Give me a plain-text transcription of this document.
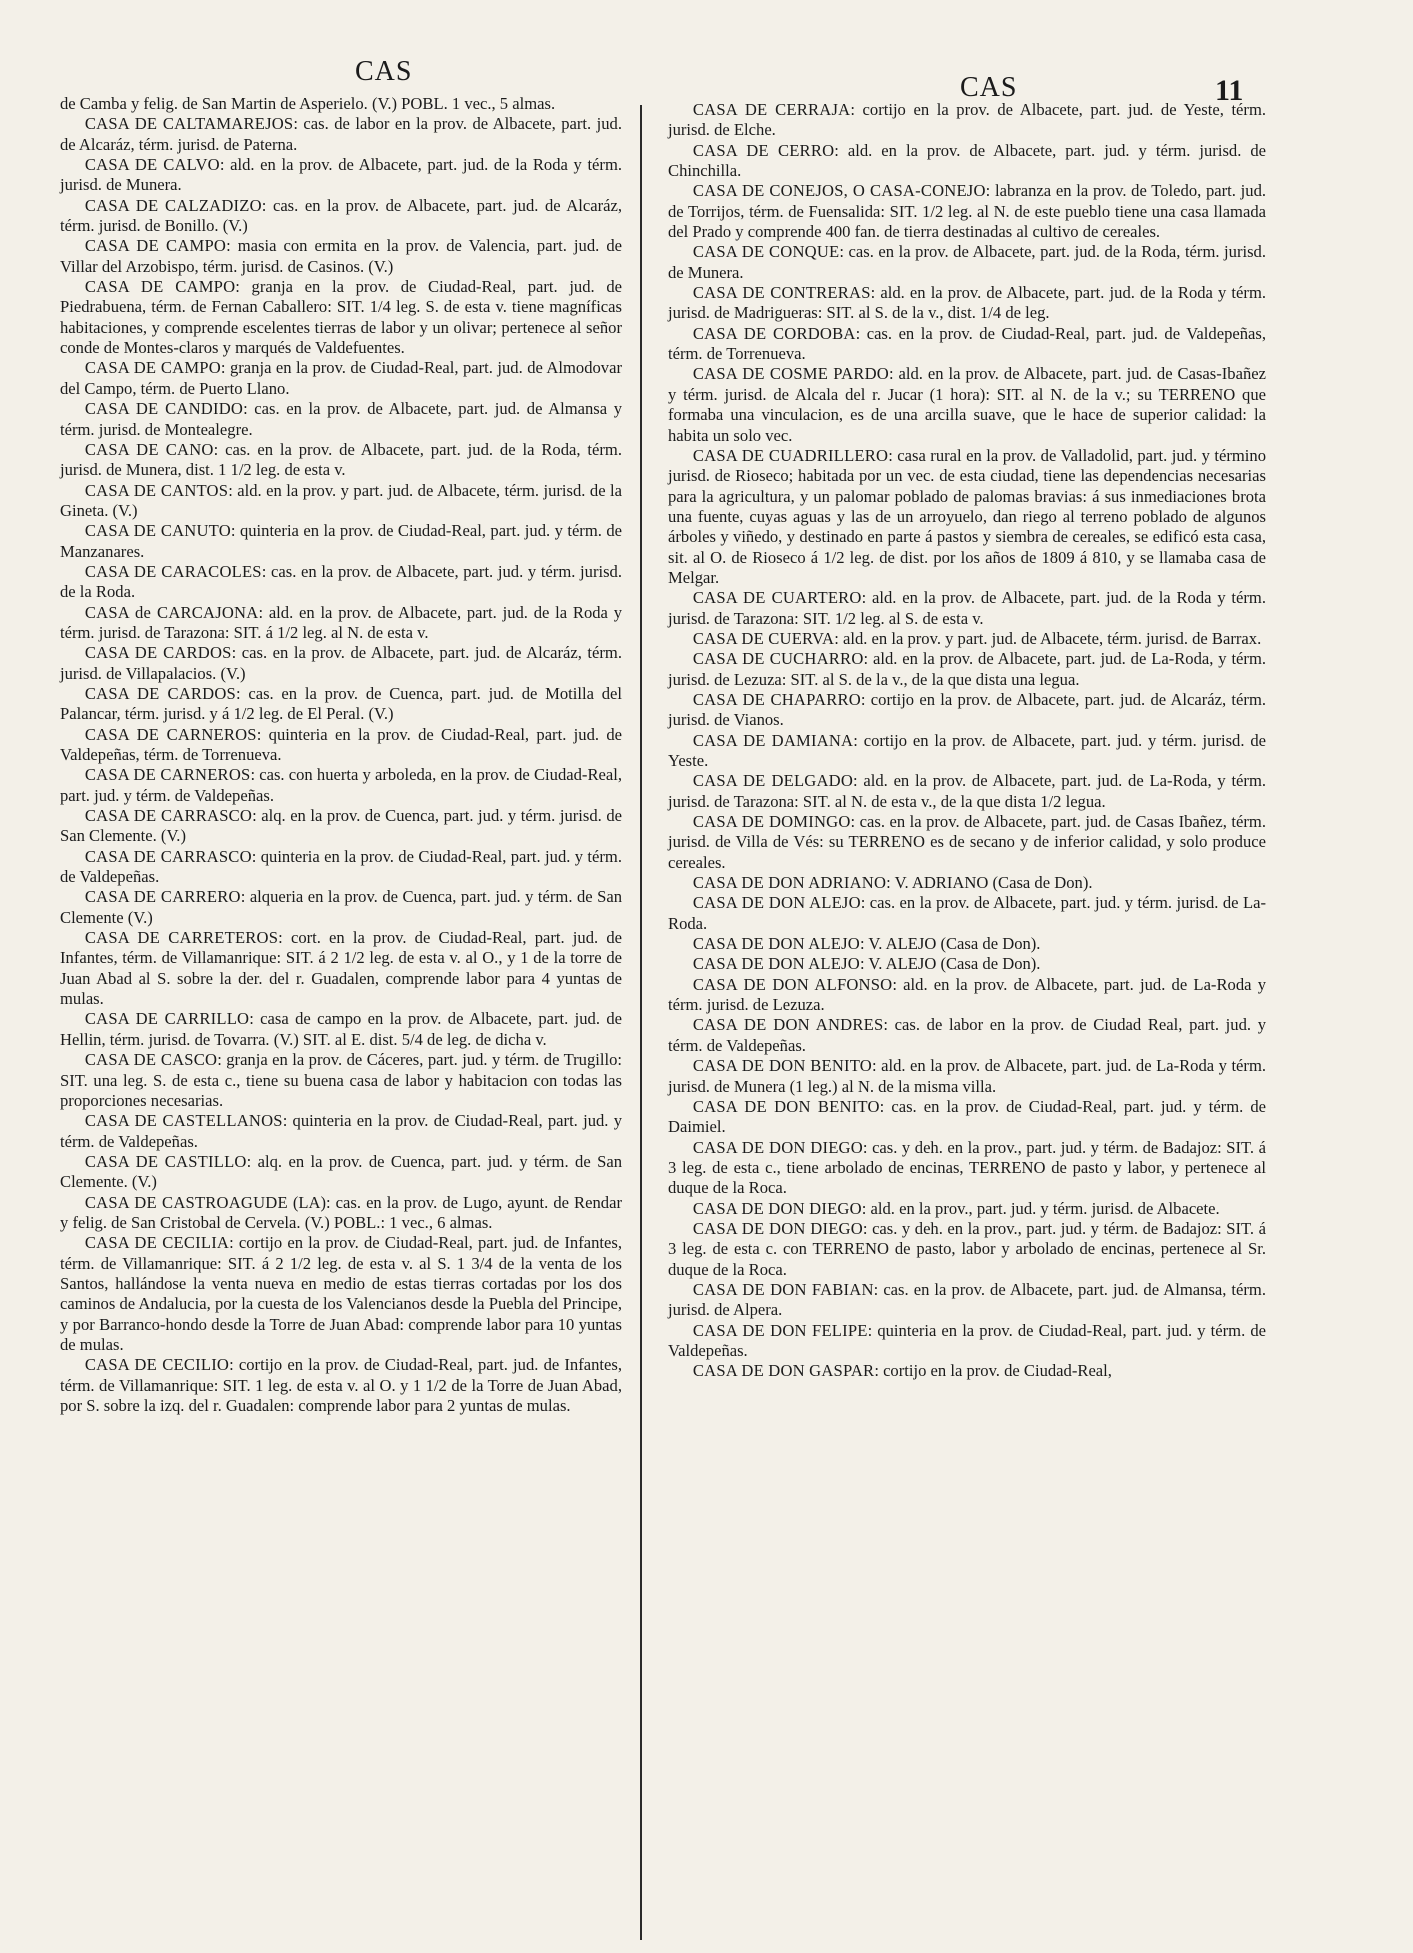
CAS
CAS	11

de Camba y felig. de San Martin de Asperielo. (V.) POBL. 1 vec., 5 almas.

CASA DE CALTAMAREJOS: cas. de labor en la prov. de Albacete, part. jud. de Alcaráz, térm. jurisd. de Paterna.

CASA DE CALVO: ald. en la prov. de Albacete, part. jud. de la Roda y térm. jurisd. de Munera.

CASA DE CALZADIZO: cas. en la prov. de Albacete, part. jud. de Alcaráz, térm. jurisd. de Bonillo. (V.)

CASA DE CAMPO: masia con ermita en la prov. de Valencia, part. jud. de Villar del Arzobispo, térm. jurisd. de Casinos. (V.)

CASA DE CAMPO: granja en la prov. de Ciudad-Real, part. jud. de Piedrabuena, térm. de Fernan Caballero: SIT. 1/4 leg. S. de esta v. tiene magníficas habitaciones, y comprende escelentes tierras de labor y un olivar; pertenece al señor conde de Montes-claros y marqués de Valdefuentes.

CASA DE CAMPO: granja en la prov. de Ciudad-Real, part. jud. de Almodovar del Campo, térm. de Puerto Llano.

CASA DE CANDIDO: cas. en la prov. de Albacete, part. jud. de Almansa y térm. jurisd. de Montealegre.

CASA DE CANO: cas. en la prov. de Albacete, part. jud. de la Roda, térm. jurisd. de Munera, dist. 1 1/2 leg. de esta v.

CASA DE CANTOS: ald. en la prov. y part. jud. de Albacete, térm. jurisd. de la Gineta. (V.)

CASA DE CANUTO: quinteria en la prov. de Ciudad-Real, part. jud. y térm. de Manzanares.

CASA DE CARACOLES: cas. en la prov. de Albacete, part. jud. y térm. jurisd. de la Roda.

CASA de CARCAJONA: ald. en la prov. de Albacete, part. jud. de la Roda y térm. jurisd. de Tarazona: SIT. á 1/2 leg. al N. de esta v.

CASA DE CARDOS: cas. en la prov. de Albacete, part. jud. de Alcaráz, térm. jurisd. de Villapalacios. (V.)

CASA DE CARDOS: cas. en la prov. de Cuenca, part. jud. de Motilla del Palancar, térm. jurisd. y á 1/2 leg. de El Peral. (V.)

CASA DE CARNEROS: quinteria en la prov. de Ciudad-Real, part. jud. de Valdepeñas, térm. de Torrenueva.

CASA DE CARNEROS: cas. con huerta y arboleda, en la prov. de Ciudad-Real, part. jud. y térm. de Valdepeñas.

CASA DE CARRASCO: alq. en la prov. de Cuenca, part. jud. y térm. jurisd. de San Clemente. (V.)

CASA DE CARRASCO: quinteria en la prov. de Ciudad-Real, part. jud. y térm. de Valdepeñas.

CASA DE CARRERO: alqueria en la prov. de Cuenca, part. jud. y térm. de San Clemente (V.)

CASA DE CARRETEROS: cort. en la prov. de Ciudad-Real, part. jud. de Infantes, térm. de Villamanrique: SIT. á 2 1/2 leg. de esta v. al O., y 1 de la torre de Juan Abad al S. sobre la der. del r. Guadalen, comprende labor para 4 yuntas de mulas.

CASA DE CARRILLO: casa de campo en la prov. de Albacete, part. jud. de Hellin, térm. jurisd. de Tovarra. (V.) SIT. al E. dist. 5/4 de leg. de dicha v.

CASA DE CASCO: granja en la prov. de Cáceres, part. jud. y térm. de Trugillo: SIT. una leg. S. de esta c., tiene su buena casa de labor y habitacion con todas las proporciones necesarias.

CASA DE CASTELLANOS: quinteria en la prov. de Ciudad-Real, part. jud. y térm. de Valdepeñas.

CASA DE CASTILLO: alq. en la prov. de Cuenca, part. jud. y térm. de San Clemente. (V.)

CASA DE CASTROAGUDE (LA): cas. en la prov. de Lugo, ayunt. de Rendar y felig. de San Cristobal de Cervela. (V.) POBL.: 1 vec., 6 almas.

CASA DE CECILIA: cortijo en la prov. de Ciudad-Real, part. jud. de Infantes, térm. de Villamanrique: SIT. á 2 1/2 leg. de esta v. al S. 1 3/4 de la venta de los Santos, hallándose la venta nueva en medio de estas tierras cortadas por los dos caminos de Andalucia, por la cuesta de los Valencianos desde la Puebla del Principe, y por Barranco-hondo desde la Torre de Juan Abad: comprende labor para 10 yuntas de mulas.

CASA DE CECILIO: cortijo en la prov. de Ciudad-Real, part. jud. de Infantes, térm. de Villamanrique: SIT. 1 leg. de esta v. al O. y 1 1/2 de la Torre de Juan Abad, por S. sobre la izq. del r. Guadalen: comprende labor para 2 yuntas de mulas.

CASA DE CERRAJA: cortijo en la prov. de Albacete, part. jud. de Yeste, térm. jurisd. de Elche.

CASA DE CERRO: ald. en la prov. de Albacete, part. jud. y térm. jurisd. de Chinchilla.

CASA DE CONEJOS, O CASA-CONEJO: labranza en la prov. de Toledo, part. jud. de Torrijos, térm. de Fuensalida: SIT. 1/2 leg. al N. de este pueblo tiene una casa llamada del Prado y comprende 400 fan. de tierra destinadas al cultivo de cereales.

CASA DE CONQUE: cas. en la prov. de Albacete, part. jud. de la Roda, térm. jurisd. de Munera.

CASA DE CONTRERAS: ald. en la prov. de Albacete, part. jud. de la Roda y térm. jurisd. de Madrigueras: SIT. al S. de la v., dist. 1/4 de leg.

CASA DE CORDOBA: cas. en la prov. de Ciudad-Real, part. jud. de Valdepeñas, térm. de Torrenueva.

CASA DE COSME PARDO: ald. en la prov. de Albacete, part. jud. de Casas-Ibañez y térm. jurisd. de Alcala del r. Jucar (1 hora): SIT. al N. de la v.; su TERRENO que formaba una vinculacion, es de una arcilla suave, que le hace de superior calidad: la habita un solo vec.

CASA DE CUADRILLERO: casa rural en la prov. de Valladolid, part. jud. y término jurisd. de Rioseco; habitada por un vec. de esta ciudad, tiene las dependencias necesarias para la agricultura, y un palomar poblado de palomas bravias: á sus inmediaciones brota una fuente, cuyas aguas y las de un arroyuelo, dan riego al terreno poblado de algunos árboles y viñedo, y destinado en parte á pastos y siembra de cereales, se edificó esta casa, sit. al O. de Rioseco á 1/2 leg. de dist. por los años de 1809 á 810, y se llamaba casa de Melgar.

CASA DE CUARTERO: ald. en la prov. de Albacete, part. jud. de la Roda y térm. jurisd. de Tarazona: SIT. 1/2 leg. al S. de esta v.

CASA DE CUERVA: ald. en la prov. y part. jud. de Albacete, térm. jurisd. de Barrax.

CASA DE CUCHARRO: ald. en la prov. de Albacete, part. jud. de La-Roda, y térm. jurisd. de Lezuza: SIT. al S. de la v., de la que dista una legua.

CASA DE CHAPARRO: cortijo en la prov. de Albacete, part. jud. de Alcaráz, térm. jurisd. de Vianos.

CASA DE DAMIANA: cortijo en la prov. de Albacete, part. jud. y térm. jurisd. de Yeste.

CASA DE DELGADO: ald. en la prov. de Albacete, part. jud. de La-Roda, y térm. jurisd. de Tarazona: SIT. al N. de esta v., de la que dista 1/2 legua.

CASA DE DOMINGO: cas. en la prov. de Albacete, part. jud. de Casas Ibañez, térm. jurisd. de Villa de Vés: su TERRENO es de secano y de inferior calidad, y solo produce cereales.

CASA DE DON ADRIANO: V. ADRIANO (Casa de Don).

CASA DE DON ALEJO: cas. en la prov. de Albacete, part. jud. y térm. jurisd. de La-Roda.

CASA DE DON ALEJO: V. ALEJO (Casa de Don).

CASA DE DON ALEJO: V. ALEJO (Casa de Don).

CASA DE DON ALFONSO: ald. en la prov. de Albacete, part. jud. de La-Roda y térm. jurisd. de Lezuza.

CASA DE DON ANDRES: cas. de labor en la prov. de Ciudad Real, part. jud. y térm. de Valdepeñas.

CASA DE DON BENITO: ald. en la prov. de Albacete, part. jud. de La-Roda y térm. jurisd. de Munera (1 leg.) al N. de la misma villa.

CASA DE DON BENITO: cas. en la prov. de Ciudad-Real, part. jud. y térm. de Daimiel.

CASA DE DON DIEGO: cas. y deh. en la prov., part. jud. y térm. de Badajoz: SIT. á 3 leg. de esta c., tiene arbolado de encinas, TERRENO de pasto y labor, y pertenece al duque de la Roca.

CASA DE DON DIEGO: ald. en la prov., part. jud. y térm. jurisd. de Albacete.

CASA DE DON DIEGO: cas. y deh. en la prov., part. jud. y térm. de Badajoz: SIT. á 3 leg. de esta c. con TERRENO de pasto, labor y arbolado de encinas, pertenece al Sr. duque de la Roca.

CASA DE DON FABIAN: cas. en la prov. de Albacete, part. jud. de Almansa, térm. jurisd. de Alpera.

CASA DE DON FELIPE: quinteria en la prov. de Ciudad-Real, part. jud. y térm. de Valdepeñas.

CASA DE DON GASPAR: cortijo en la prov. de Ciudad-Real,
